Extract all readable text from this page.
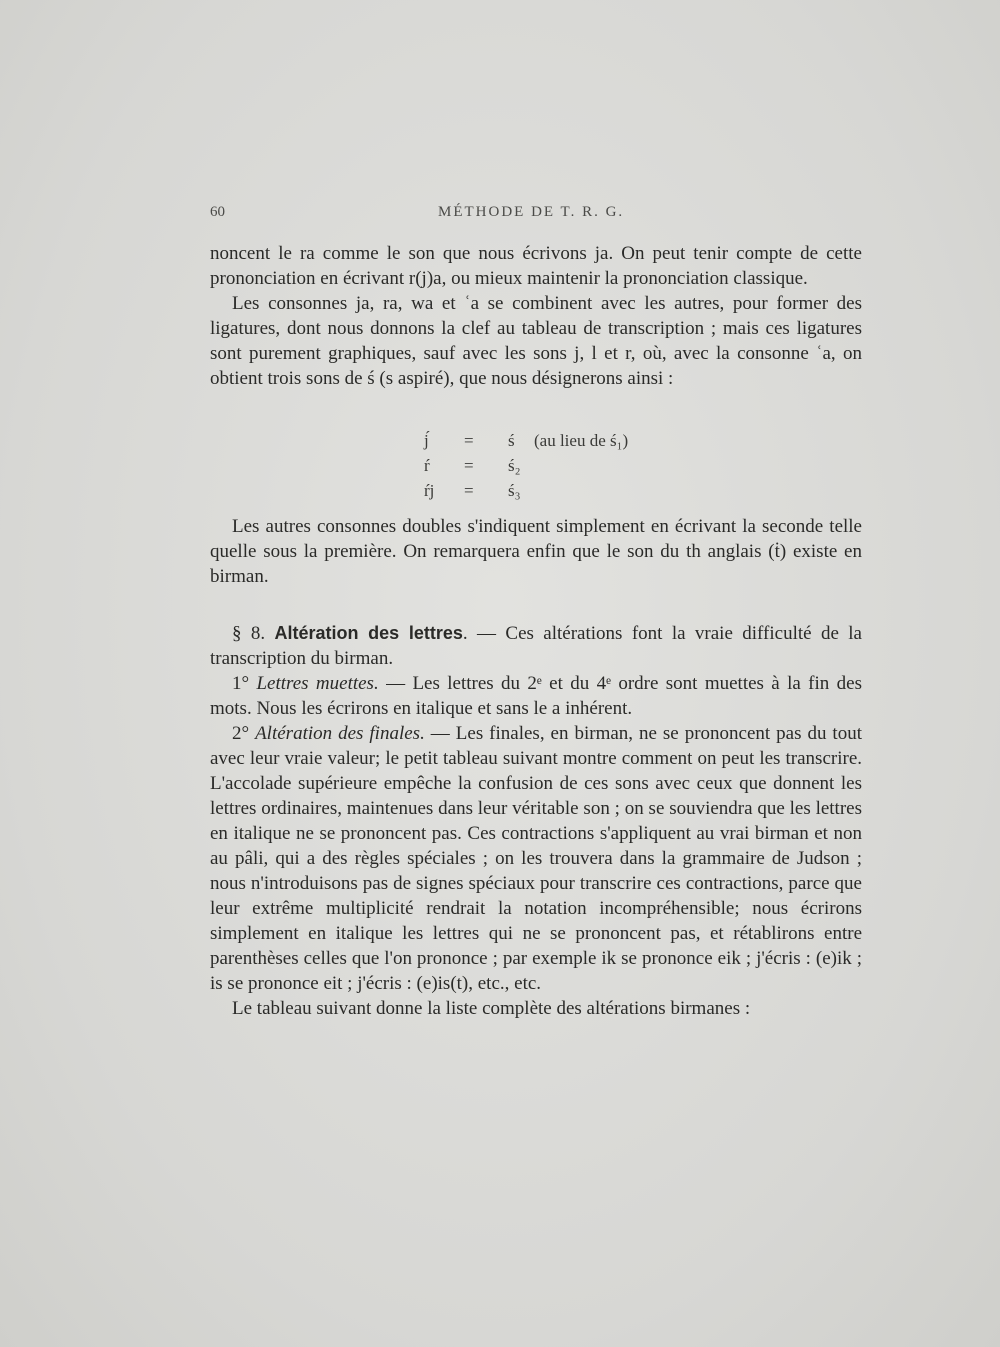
60	MÉTHODE DE T. R. G.

noncent le ra comme le son que nous écrivons ja. On peut tenir compte de cette prononciation en écrivant r(j)a, ou mieux maintenir la prononciation classique.

Les consonnes ja, ra, wa et ʿa se combinent avec les autres, pour former des ligatures, dont nous donnons la clef au tableau de transcription ; mais ces ligatures sont purement graphiques, sauf avec les sons j, l et r, où, avec la consonne ʿa, on obtient trois sons de ś (s aspiré), que nous désignerons ainsi :

j́ = ś (au lieu de ś₁)
ŕ = ś₂
ŕj = ś₃

Les autres consonnes doubles s'indiquent simplement en écrivant la seconde telle quelle sous la première. On remarquera enfin que le son du th anglais (ṫ) existe en birman.

§ 8. Altération des lettres. — Ces altérations font la vraie difficulté de la transcription du birman.

1° Lettres muettes. — Les lettres du 2ᵉ et du 4ᵉ ordre sont muettes à la fin des mots. Nous les écrirons en italique et sans le a inhérent.

2° Altération des finales. — Les finales, en birman, ne se prononcent pas du tout avec leur vraie valeur; le petit tableau suivant montre comment on peut les transcrire. L'accolade supérieure empêche la confusion de ces sons avec ceux que donnent les lettres ordinaires, maintenues dans leur véritable son ; on se souviendra que les lettres en italique ne se prononcent pas. Ces contractions s'appliquent au vrai birman et non au pâli, qui a des règles spéciales ; on les trouvera dans la grammaire de Judson ; nous n'introduisons pas de signes spéciaux pour transcrire ces contractions, parce que leur extrême multiplicité rendrait la notation incompréhensible; nous écrirons simplement en italique les lettres qui ne se prononcent pas, et rétablirons entre parenthèses celles que l'on prononce ; par exemple ik se prononce eik ; j'écris : (e)ik ; is se prononce eit ; j'écris : (e)is(t), etc., etc.

Le tableau suivant donne la liste complète des altérations birmanes :
